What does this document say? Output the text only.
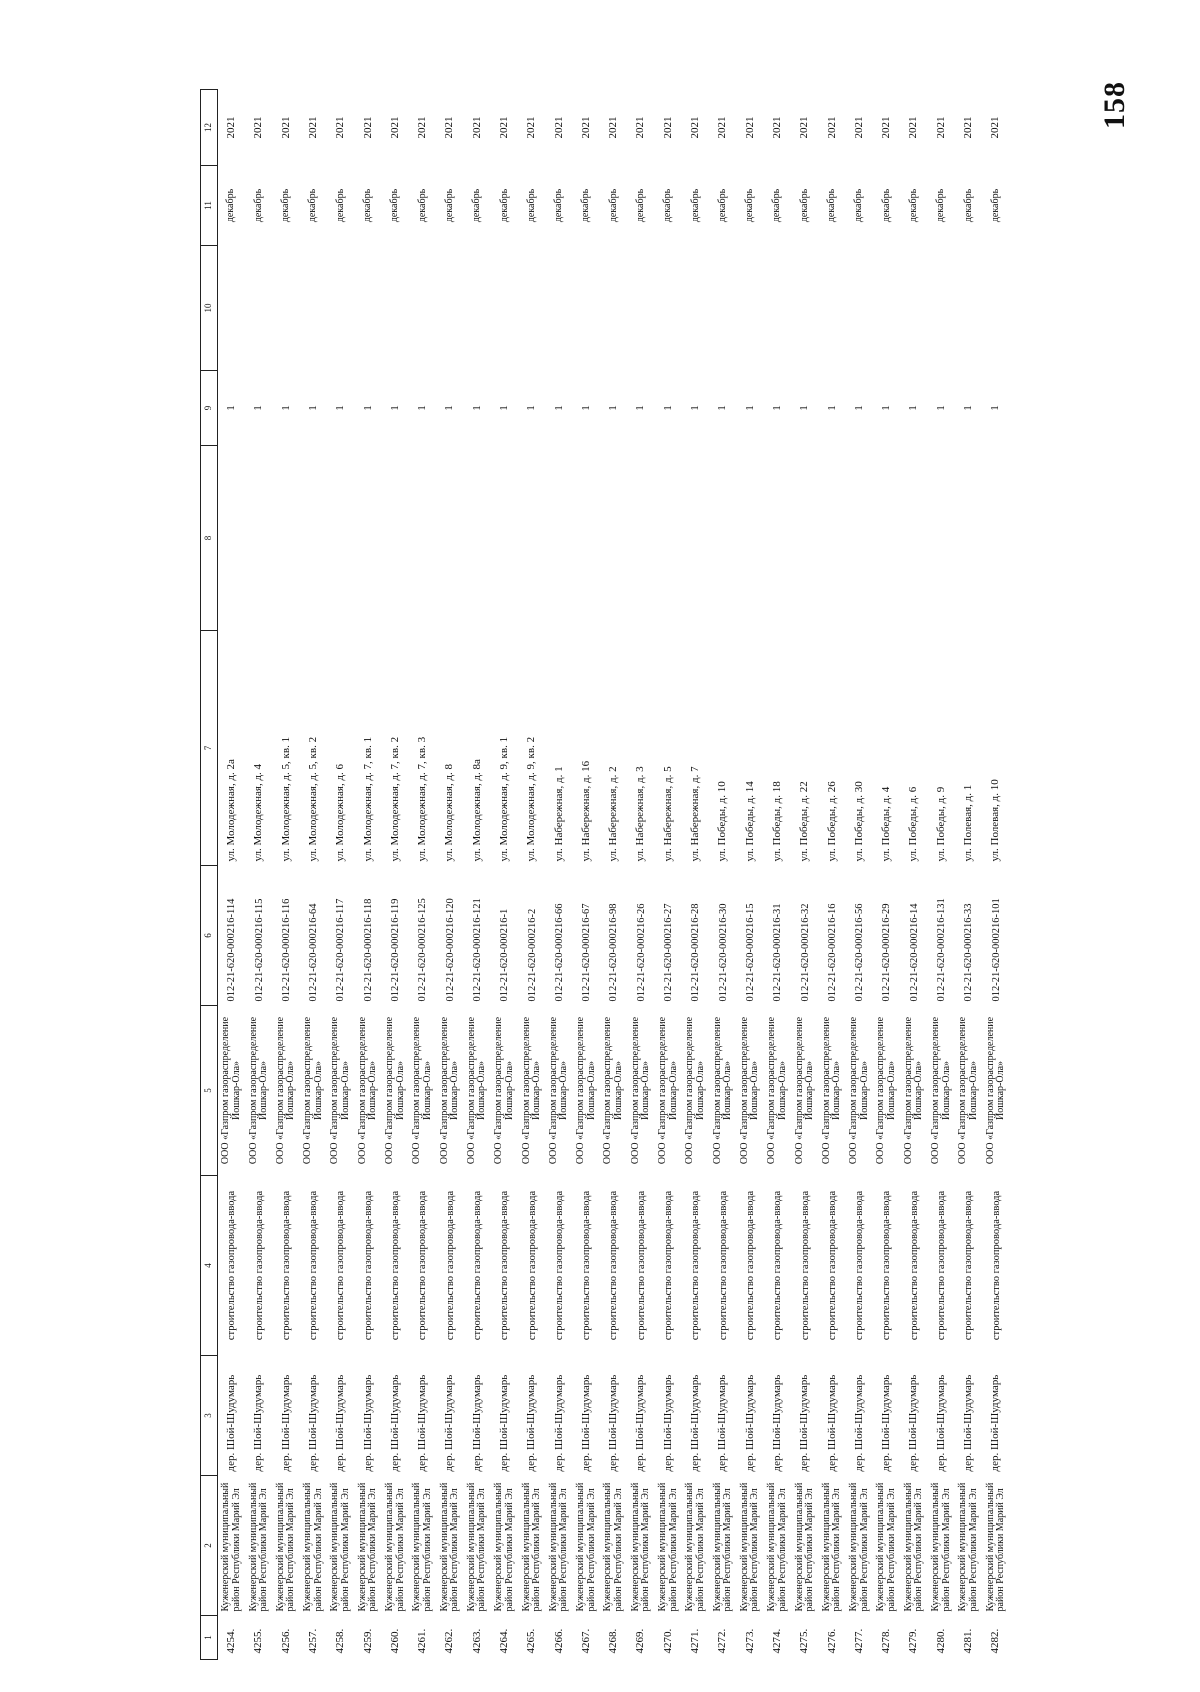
158
1	2	3	4	5	6	7	8	9	10	11	12
4254.	Куженерский муниципальный район Республики Марий Эл	дер. Шой-Шудумарь	строительство газопровода-ввода	ООО «Газпром газораспределение Йошкар-Ола»	012-21-620-000216-114	ул. Молодежная, д. 2а		1		декабрь	2021
4255.	Куженерский муниципальный район Республики Марий Эл	дер. Шой-Шудумарь	строительство газопровода-ввода	ООО «Газпром газораспределение Йошкар-Ола»	012-21-620-000216-115	ул. Молодежная, д. 4		1		декабрь	2021
4256.	Куженерский муниципальный район Республики Марий Эл	дер. Шой-Шудумарь	строительство газопровода-ввода	ООО «Газпром газораспределение Йошкар-Ола»	012-21-620-000216-116	ул. Молодежная, д. 5, кв. 1		1		декабрь	2021
4257.	Куженерский муниципальный район Республики Марий Эл	дер. Шой-Шудумарь	строительство газопровода-ввода	ООО «Газпром газораспределение Йошкар-Ола»	012-21-620-000216-64	ул. Молодежная, д. 5, кв. 2		1		декабрь	2021
4258.	Куженерский муниципальный район Республики Марий Эл	дер. Шой-Шудумарь	строительство газопровода-ввода	ООО «Газпром газораспределение Йошкар-Ола»	012-21-620-000216-117	ул. Молодежная, д. 6		1		декабрь	2021
4259.	Куженерский муниципальный район Республики Марий Эл	дер. Шой-Шудумарь	строительство газопровода-ввода	ООО «Газпром газораспределение Йошкар-Ола»	012-21-620-000216-118	ул. Молодежная, д. 7, кв. 1		1		декабрь	2021
4260.	Куженерский муниципальный район Республики Марий Эл	дер. Шой-Шудумарь	строительство газопровода-ввода	ООО «Газпром газораспределение Йошкар-Ола»	012-21-620-000216-119	ул. Молодежная, д. 7, кв. 2		1		декабрь	2021
4261.	Куженерский муниципальный район Республики Марий Эл	дер. Шой-Шудумарь	строительство газопровода-ввода	ООО «Газпром газораспределение Йошкар-Ола»	012-21-620-000216-125	ул. Молодежная, д. 7, кв. 3		1		декабрь	2021
4262.	Куженерский муниципальный район Республики Марий Эл	дер. Шой-Шудумарь	строительство газопровода-ввода	ООО «Газпром газораспределение Йошкар-Ола»	012-21-620-000216-120	ул. Молодежная, д. 8		1		декабрь	2021
4263.	Куженерский муниципальный район Республики Марий Эл	дер. Шой-Шудумарь	строительство газопровода-ввода	ООО «Газпром газораспределение Йошкар-Ола»	012-21-620-000216-121	ул. Молодежная, д. 8а		1		декабрь	2021
4264.	Куженерский муниципальный район Республики Марий Эл	дер. Шой-Шудумарь	строительство газопровода-ввода	ООО «Газпром газораспределение Йошкар-Ола»	012-21-620-000216-1	ул. Молодежная, д. 9, кв. 1		1		декабрь	2021
4265.	Куженерский муниципальный район Республики Марий Эл	дер. Шой-Шудумарь	строительство газопровода-ввода	ООО «Газпром газораспределение Йошкар-Ола»	012-21-620-000216-2	ул. Молодежная, д. 9, кв. 2		1		декабрь	2021
4266.	Куженерский муниципальный район Республики Марий Эл	дер. Шой-Шудумарь	строительство газопровода-ввода	ООО «Газпром газораспределение Йошкар-Ола»	012-21-620-000216-66	ул. Набережная, д. 1		1		декабрь	2021
4267.	Куженерский муниципальный район Республики Марий Эл	дер. Шой-Шудумарь	строительство газопровода-ввода	ООО «Газпром газораспределение Йошкар-Ола»	012-21-620-000216-67	ул. Набережная, д. 16		1		декабрь	2021
4268.	Куженерский муниципальный район Республики Марий Эл	дер. Шой-Шудумарь	строительство газопровода-ввода	ООО «Газпром газораспределение Йошкар-Ола»	012-21-620-000216-98	ул. Набережная, д. 2		1		декабрь	2021
4269.	Куженерский муниципальный район Республики Марий Эл	дер. Шой-Шудумарь	строительство газопровода-ввода	ООО «Газпром газораспределение Йошкар-Ола»	012-21-620-000216-26	ул. Набережная, д. 3		1		декабрь	2021
4270.	Куженерский муниципальный район Республики Марий Эл	дер. Шой-Шудумарь	строительство газопровода-ввода	ООО «Газпром газораспределение Йошкар-Ола»	012-21-620-000216-27	ул. Набережная, д. 5		1		декабрь	2021
4271.	Куженерский муниципальный район Республики Марий Эл	дер. Шой-Шудумарь	строительство газопровода-ввода	ООО «Газпром газораспределение Йошкар-Ола»	012-21-620-000216-28	ул. Набережная, д. 7		1		декабрь	2021
4272.	Куженерский муниципальный район Республики Марий Эл	дер. Шой-Шудумарь	строительство газопровода-ввода	ООО «Газпром газораспределение Йошкар-Ола»	012-21-620-000216-30	ул. Победы, д. 10		1		декабрь	2021
4273.	Куженерский муниципальный район Республики Марий Эл	дер. Шой-Шудумарь	строительство газопровода-ввода	ООО «Газпром газораспределение Йошкар-Ола»	012-21-620-000216-15	ул. Победы, д. 14		1		декабрь	2021
4274.	Куженерский муниципальный район Республики Марий Эл	дер. Шой-Шудумарь	строительство газопровода-ввода	ООО «Газпром газораспределение Йошкар-Ола»	012-21-620-000216-31	ул. Победы, д. 18		1		декабрь	2021
4275.	Куженерский муниципальный район Республики Марий Эл	дер. Шой-Шудумарь	строительство газопровода-ввода	ООО «Газпром газораспределение Йошкар-Ола»	012-21-620-000216-32	ул. Победы, д. 22		1		декабрь	2021
4276.	Куженерский муниципальный район Республики Марий Эл	дер. Шой-Шудумарь	строительство газопровода-ввода	ООО «Газпром газораспределение Йошкар-Ола»	012-21-620-000216-16	ул. Победы, д. 26		1		декабрь	2021
4277.	Куженерский муниципальный район Республики Марий Эл	дер. Шой-Шудумарь	строительство газопровода-ввода	ООО «Газпром газораспределение Йошкар-Ола»	012-21-620-000216-56	ул. Победы, д. 30		1		декабрь	2021
4278.	Куженерский муниципальный район Республики Марий Эл	дер. Шой-Шудумарь	строительство газопровода-ввода	ООО «Газпром газораспределение Йошкар-Ола»	012-21-620-000216-29	ул. Победы, д. 4		1		декабрь	2021
4279.	Куженерский муниципальный район Республики Марий Эл	дер. Шой-Шудумарь	строительство газопровода-ввода	ООО «Газпром газораспределение Йошкар-Ола»	012-21-620-000216-14	ул. Победы, д. 6		1		декабрь	2021
4280.	Куженерский муниципальный район Республики Марий Эл	дер. Шой-Шудумарь	строительство газопровода-ввода	ООО «Газпром газораспределение Йошкар-Ола»	012-21-620-000216-131	ул. Победы, д. 9		1		декабрь	2021
4281.	Куженерский муниципальный район Республики Марий Эл	дер. Шой-Шудумарь	строительство газопровода-ввода	ООО «Газпром газораспределение Йошкар-Ола»	012-21-620-000216-33	ул. Полевая, д. 1		1		декабрь	2021
4282.	Куженерский муниципальный район Республики Марий Эл	дер. Шой-Шудумарь	строительство газопровода-ввода	ООО «Газпром газораспределение Йошкар-Ола»	012-21-620-000216-101	ул. Полевая, д. 10		1		декабрь	2021
